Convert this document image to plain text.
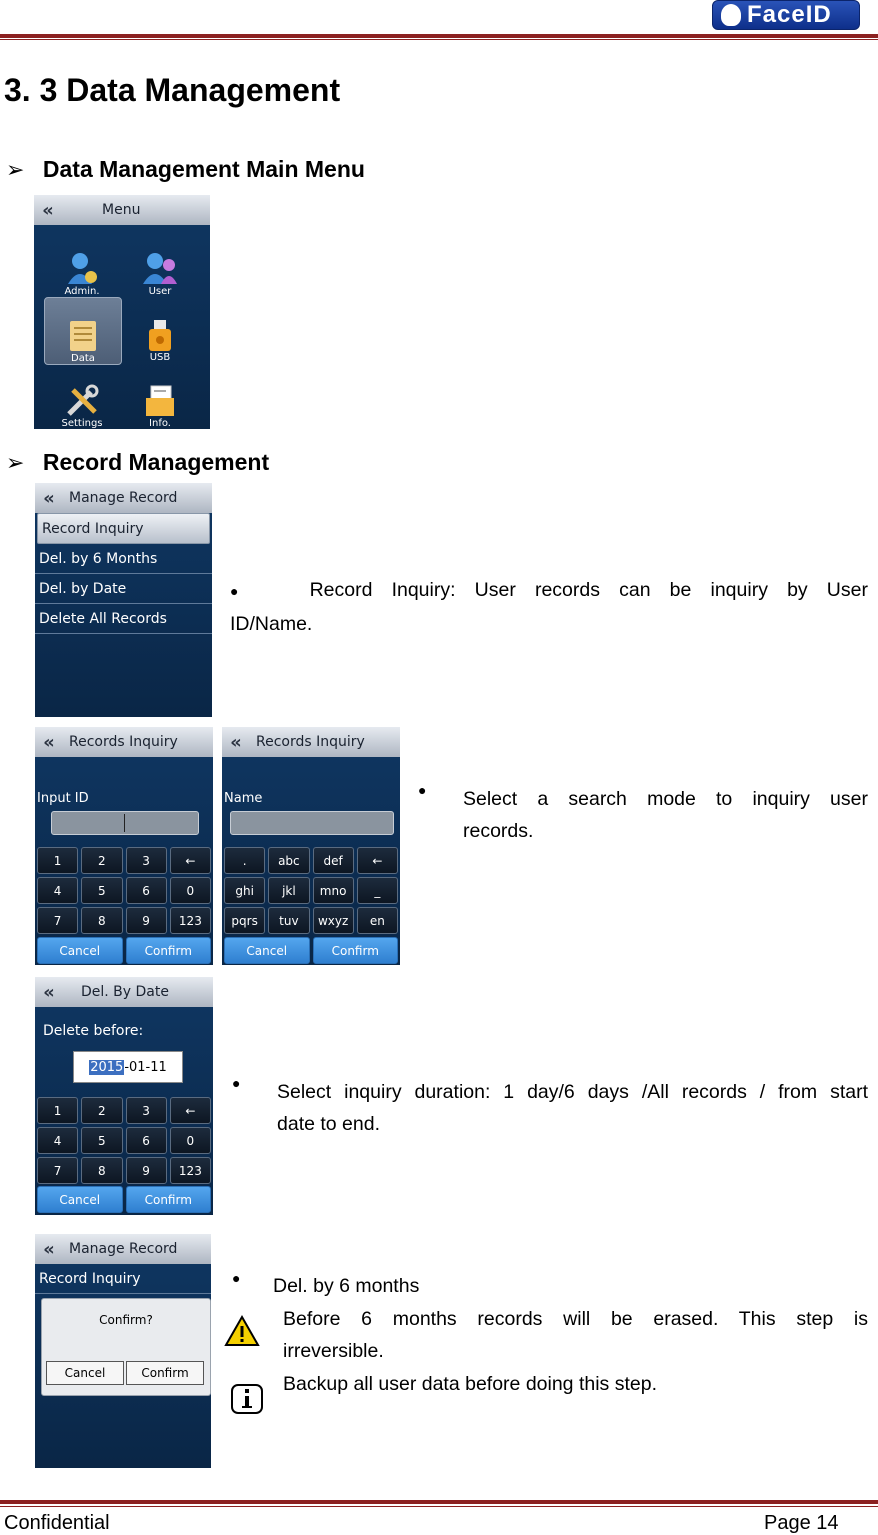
FaceID
3. 3 Data Management
➢ Data Management Main Menu
«	Menu
Admin.	User
Data	USB
Settings	Info.
➢ Record Management
«	Manage Record
Record Inquiry
Del. by 6 Months
Del. by Date
Delete All Records
●	Record Inquiry: User records can be inquiry by User
ID/Name.
«	Records Inquiry
Input ID
1	2	3	←
4	5	6	0
7	8	9	123
Cancel	Confirm
«	Records Inquiry
Name
.	abc	def	←
ghi	jkl	mno	_
pqrs	tuv	wxyz	en
Cancel	Confirm
● Select a search mode to inquiry user
records.
«	Del. By Date
Delete before:
2015 -01-11
1	2	3	←
4	5	6	0
7	8	9	123
Cancel	Confirm
● Select inquiry duration: 1 day/6 days /All records / from start
date to end.
«	Manage Record
Record Inquiry
Confirm?
Cancel	Confirm
● Del. by 6 months
Before 6 months records will be erased. This step is
irreversible.
Backup all user data before doing this step.
Confidential	Page 14
